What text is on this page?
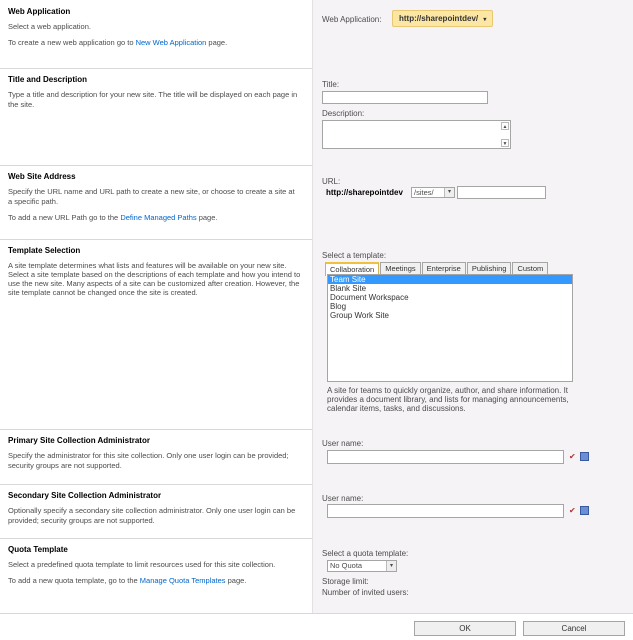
Web Application
Select a web application.
To create a new web application go to New Web Application page.
Web Application:	http://sharepointdev/ ▾
Title and Description
Type a title and description for your new site. The title will be displayed on each page in the site.
Title:
Description:
▲
▼
Web Site Address
Specify the URL name and URL path to create a new site, or choose to create a site at a specific path.
To add a new URL Path go to the Define Managed Paths page.
URL:
http://sharepointdev	/sites/	▾
Template Selection
A site template determines what lists and features will be available on your new site. Select a site template based on the descriptions of each template and how you intend to use the new site. Many aspects of a site can be customized after creation. However, the site template cannot be changed once the site is created.
Select a template:
Collaboration	Meetings	Enterprise	Publishing	Custom
Team Site
Blank Site
Document Workspace
Blog
Group Work Site
A site for teams to quickly organize, author, and share information. It provides a document library, and lists for managing announcements, calendar items, tasks, and discussions.
Primary Site Collection Administrator
Specify the administrator for this site collection. Only one user login can be provided; security groups are not supported.
User name:
✔
Secondary Site Collection Administrator
Optionally specify a secondary site collection administrator. Only one user login can be provided; security groups are not supported.
User name:
✔
Quota Template
Select a predefined quota template to limit resources used for this site collection.
To add a new quota template, go to the Manage Quota Templates page.
Select a quota template:
No Quota	▾
Storage limit:
Number of invited users:
OK	Cancel
